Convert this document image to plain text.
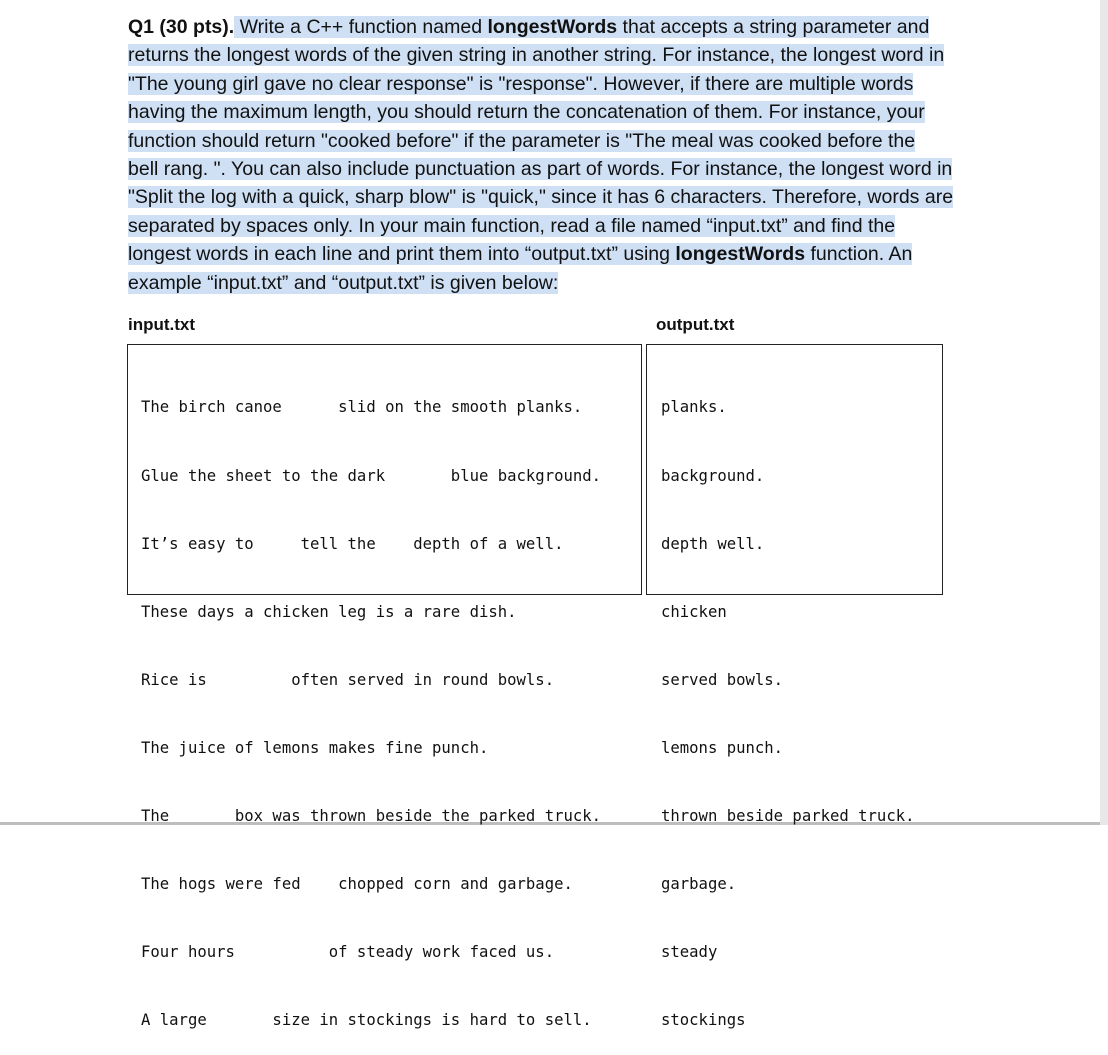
Q1 (30 pts). Write a C++ function named longestWords that accepts a string parameter and
returns the longest words of the given string in another string. For instance, the longest word in
"The young girl gave no clear response" is "response". However, if there are multiple words
having the maximum length, you should return the concatenation of them. For instance, your
function should return "cooked before" if the parameter is "The meal was cooked before the
bell rang. ". You can also include punctuation as part of words. For instance, the longest word in
"Split the log with a quick, sharp blow" is "quick," since it has 6 characters. Therefore, words are
separated by spaces only. In your main function, read a file named “input.txt” and find the
longest words in each line and print them into “output.txt” using longestWords function. An
example “input.txt” and “output.txt” is given below:
input.txt	output.txt

The birch canoe      slid on the smooth planks.

Glue the sheet to the dark       blue background.

It’s easy to     tell the    depth of a well.

These days a chicken leg is a rare dish.

Rice is         often served in round bowls.

The juice of lemons makes fine punch.

The       box was thrown beside the parked truck.

The hogs were fed    chopped corn and garbage.

Four hours          of steady work faced us.

A large       size in stockings is hard to sell.

planks.

background.

depth well.

chicken

served bowls.

lemons punch.

thrown beside parked truck.

garbage.

steady

stockings
